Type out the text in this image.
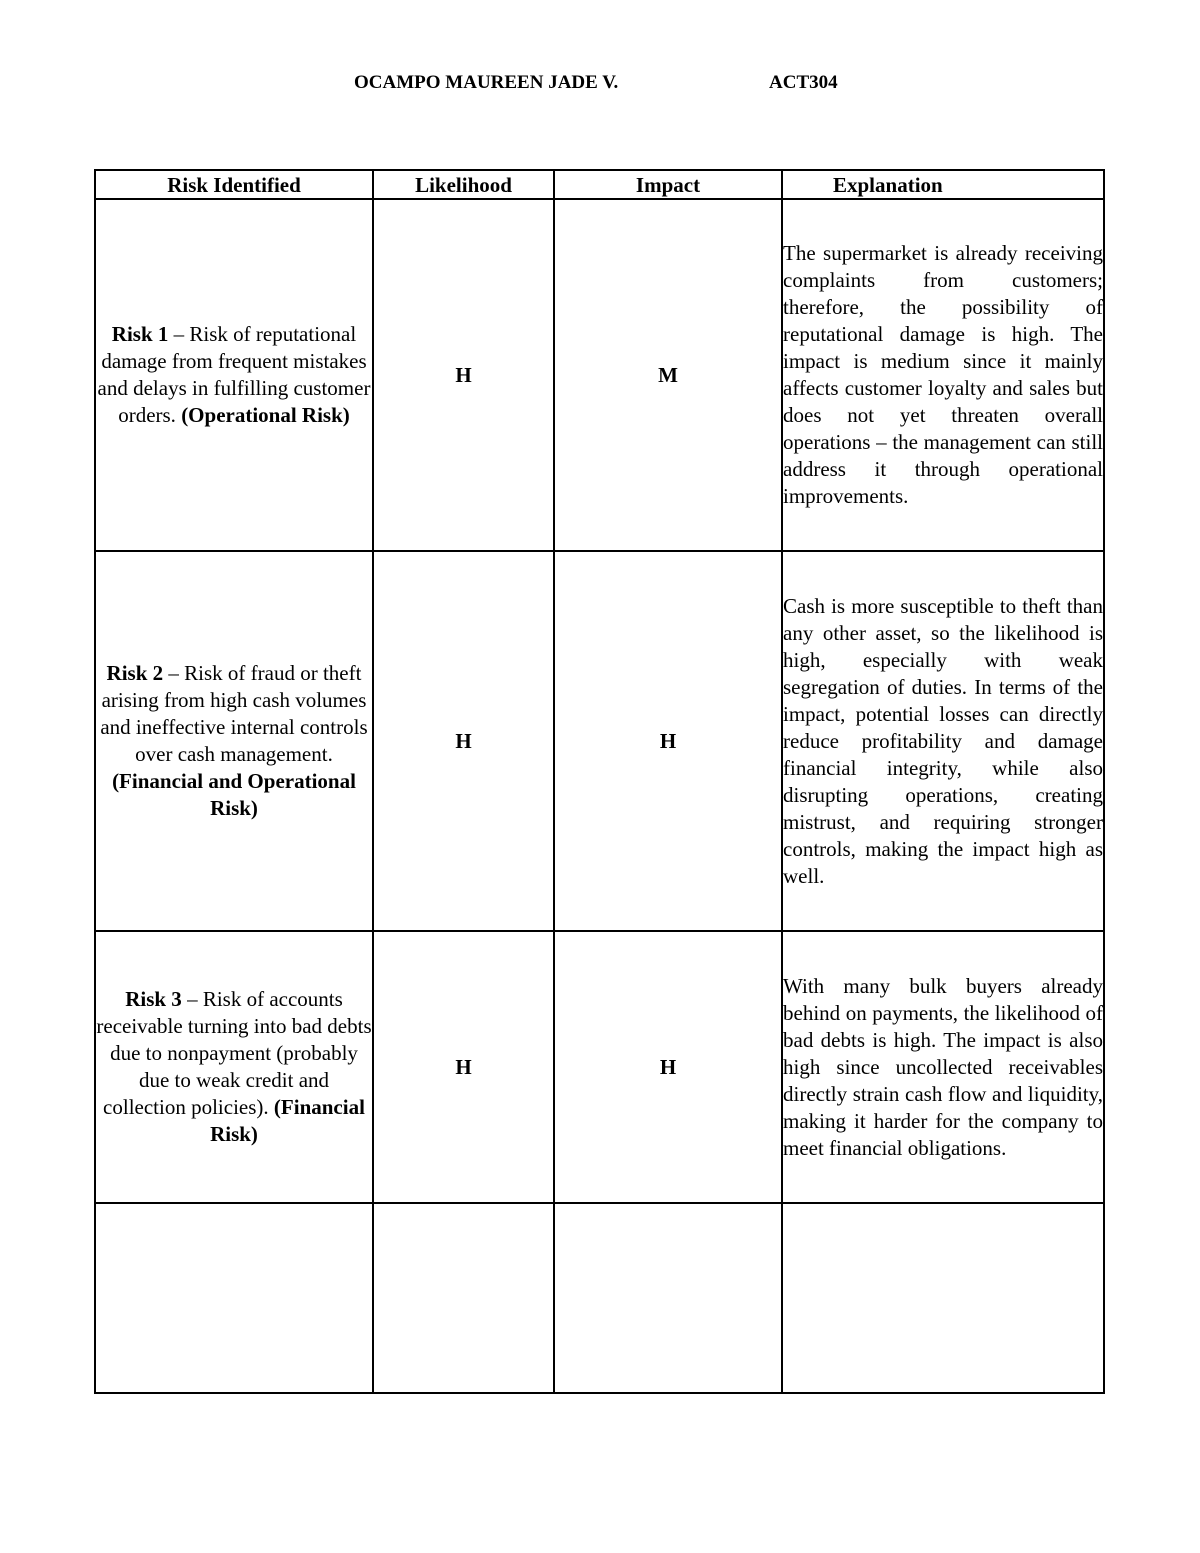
OCAMPO MAUREEN JADE V.	ACT304
Risk Identified	Likelihood	Impact	Explanation
Risk 1 – Risk of reputational damage from frequent mistakes and delays in fulfilling customer orders. (Operational Risk)	H	M	The supermarket is already receiving complaints from customers; therefore, the possibility of reputational damage is high. The impact is medium since it mainly affects customer loyalty and sales but does not yet threaten overall operations – the management can still address it through operational improvements.

Risk 2 – Risk of fraud or theft arising from high cash volumes and ineffective internal controls over cash management. (Financial and Operational Risk)	H	H	Cash is more susceptible to theft than any other asset, so the likelihood is high, especially with weak segregation of duties. In terms of the impact, potential losses can directly reduce profitability and damage financial integrity, while also disrupting operations, creating mistrust, and requiring stronger controls, making the impact high as well.

Risk 3 – Risk of accounts receivable turning into bad debts due to nonpayment (probably due to weak credit and collection policies). (Financial Risk)	H	H	With many bulk buyers already behind on payments, the likelihood of bad debts is high. The impact is also high since uncollected receivables directly strain cash flow and liquidity, making it harder for the company to meet financial obligations.
